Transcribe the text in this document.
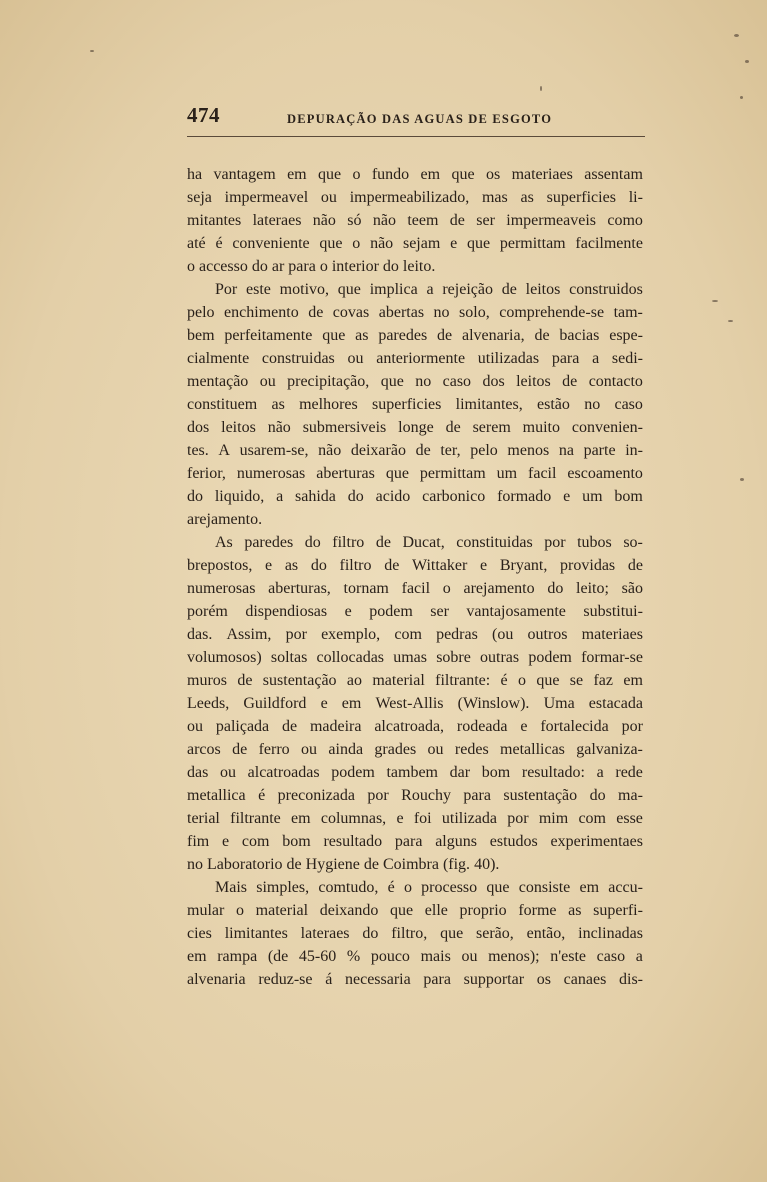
474	DEPURAÇÃO DAS AGUAS DE ESGOTO
ha vantagem em que o fundo em que os materiaes assentam
seja impermeavel ou impermeabilizado, mas as superficies li-
mitantes lateraes não só não teem de ser impermeaveis como
até é conveniente que o não sejam e que permittam facilmente
o accesso do ar para o interior do leito.
Por este motivo, que implica a rejeição de leitos construidos
pelo enchimento de covas abertas no solo, comprehende-se tam-
bem perfeitamente que as paredes de alvenaria, de bacias espe-
cialmente construidas ou anteriormente utilizadas para a sedi-
mentação ou precipitação, que no caso dos leitos de contacto
constituem as melhores superficies limitantes, estão no caso
dos leitos não submersiveis longe de serem muito convenien-
tes. A usarem-se, não deixarão de ter, pelo menos na parte in-
ferior, numerosas aberturas que permittam um facil escoamento
do liquido, a sahida do acido carbonico formado e um bom
arejamento.
As paredes do filtro de Ducat, constituidas por tubos so-
brepostos, e as do filtro de Wittaker e Bryant, providas de
numerosas aberturas, tornam facil o arejamento do leito; são
porém dispendiosas e podem ser vantajosamente substitui-
das. Assim, por exemplo, com pedras (ou outros materiaes
volumosos) soltas collocadas umas sobre outras podem formar-se
muros de sustentação ao material filtrante: é o que se faz em
Leeds, Guildford e em West-Allis (Winslow). Uma estacada
ou paliçada de madeira alcatroada, rodeada e fortalecida por
arcos de ferro ou ainda grades ou redes metallicas galvaniza-
das ou alcatroadas podem tambem dar bom resultado: a rede
metallica é preconizada por Rouchy para sustentação do ma-
terial filtrante em columnas, e foi utilizada por mim com esse
fim e com bom resultado para alguns estudos experimentaes
no Laboratorio de Hygiene de Coimbra (fig. 40).
Mais simples, comtudo, é o processo que consiste em accu-
mular o material deixando que elle proprio forme as superfi-
cies limitantes lateraes do filtro, que serão, então, inclinadas
em rampa (de 45-60 % pouco mais ou menos); n'este caso a
alvenaria reduz-se á necessaria para supportar os canaes dis-
